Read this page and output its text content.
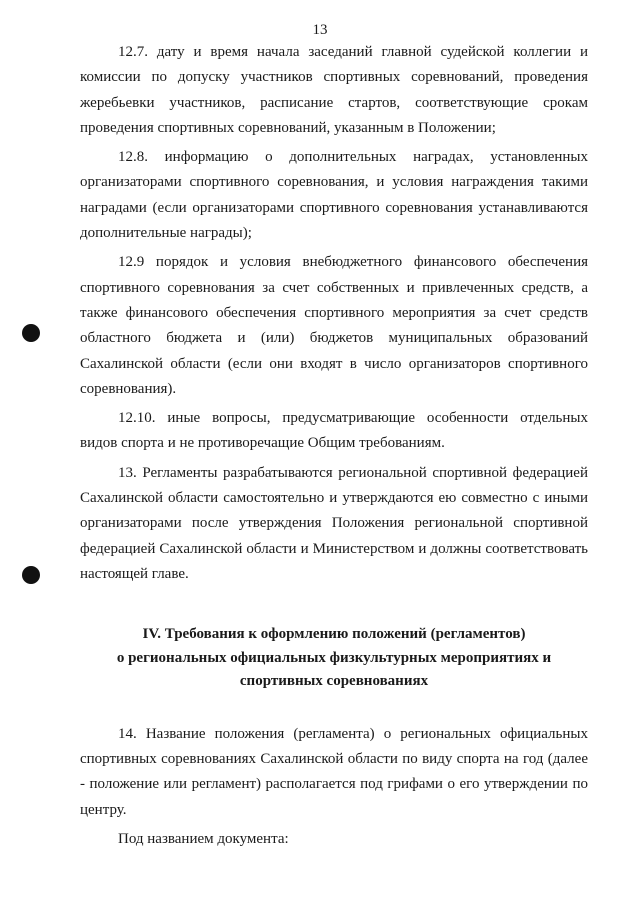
13

12.7. дату и время начала заседаний главной судейской коллегии и комиссии по допуску участников спортивных соревнований, проведения жеребьевки участников, расписание стартов, соответствующие срокам проведения спортивных соревнований, указанным в Положении;

12.8. информацию о дополнительных наградах, установленных организаторами спортивного соревнования, и условия награждения такими наградами (если организаторами спортивного соревнования устанавливаются дополнительные награды);

12.9 порядок и условия внебюджетного финансового обеспечения спортивного соревнования за счет собственных и привлеченных средств, а также финансового обеспечения спортивного мероприятия за счет средств областного бюджета и (или) бюджетов муниципальных образований Сахалинской области (если они входят в число организаторов спортивного соревнования).

12.10. иные вопросы, предусматривающие особенности отдельных видов спорта и не противоречащие Общим требованиям.

13. Регламенты разрабатываются региональной спортивной федерацией Сахалинской области самостоятельно и утверждаются ею совместно с иными организаторами после утверждения Положения региональной спортивной федерацией Сахалинской области и Министерством и должны соответствовать настоящей главе.

IV. Требования к оформлению положений (регламентов)
о региональных официальных физкультурных мероприятиях и
спортивных соревнованиях

14. Название положения (регламента) о региональных официальных спортивных соревнованиях Сахалинской области по виду спорта на год (далее - положение или регламент) располагается под грифами о его утверждении по центру.

Под названием документа:
